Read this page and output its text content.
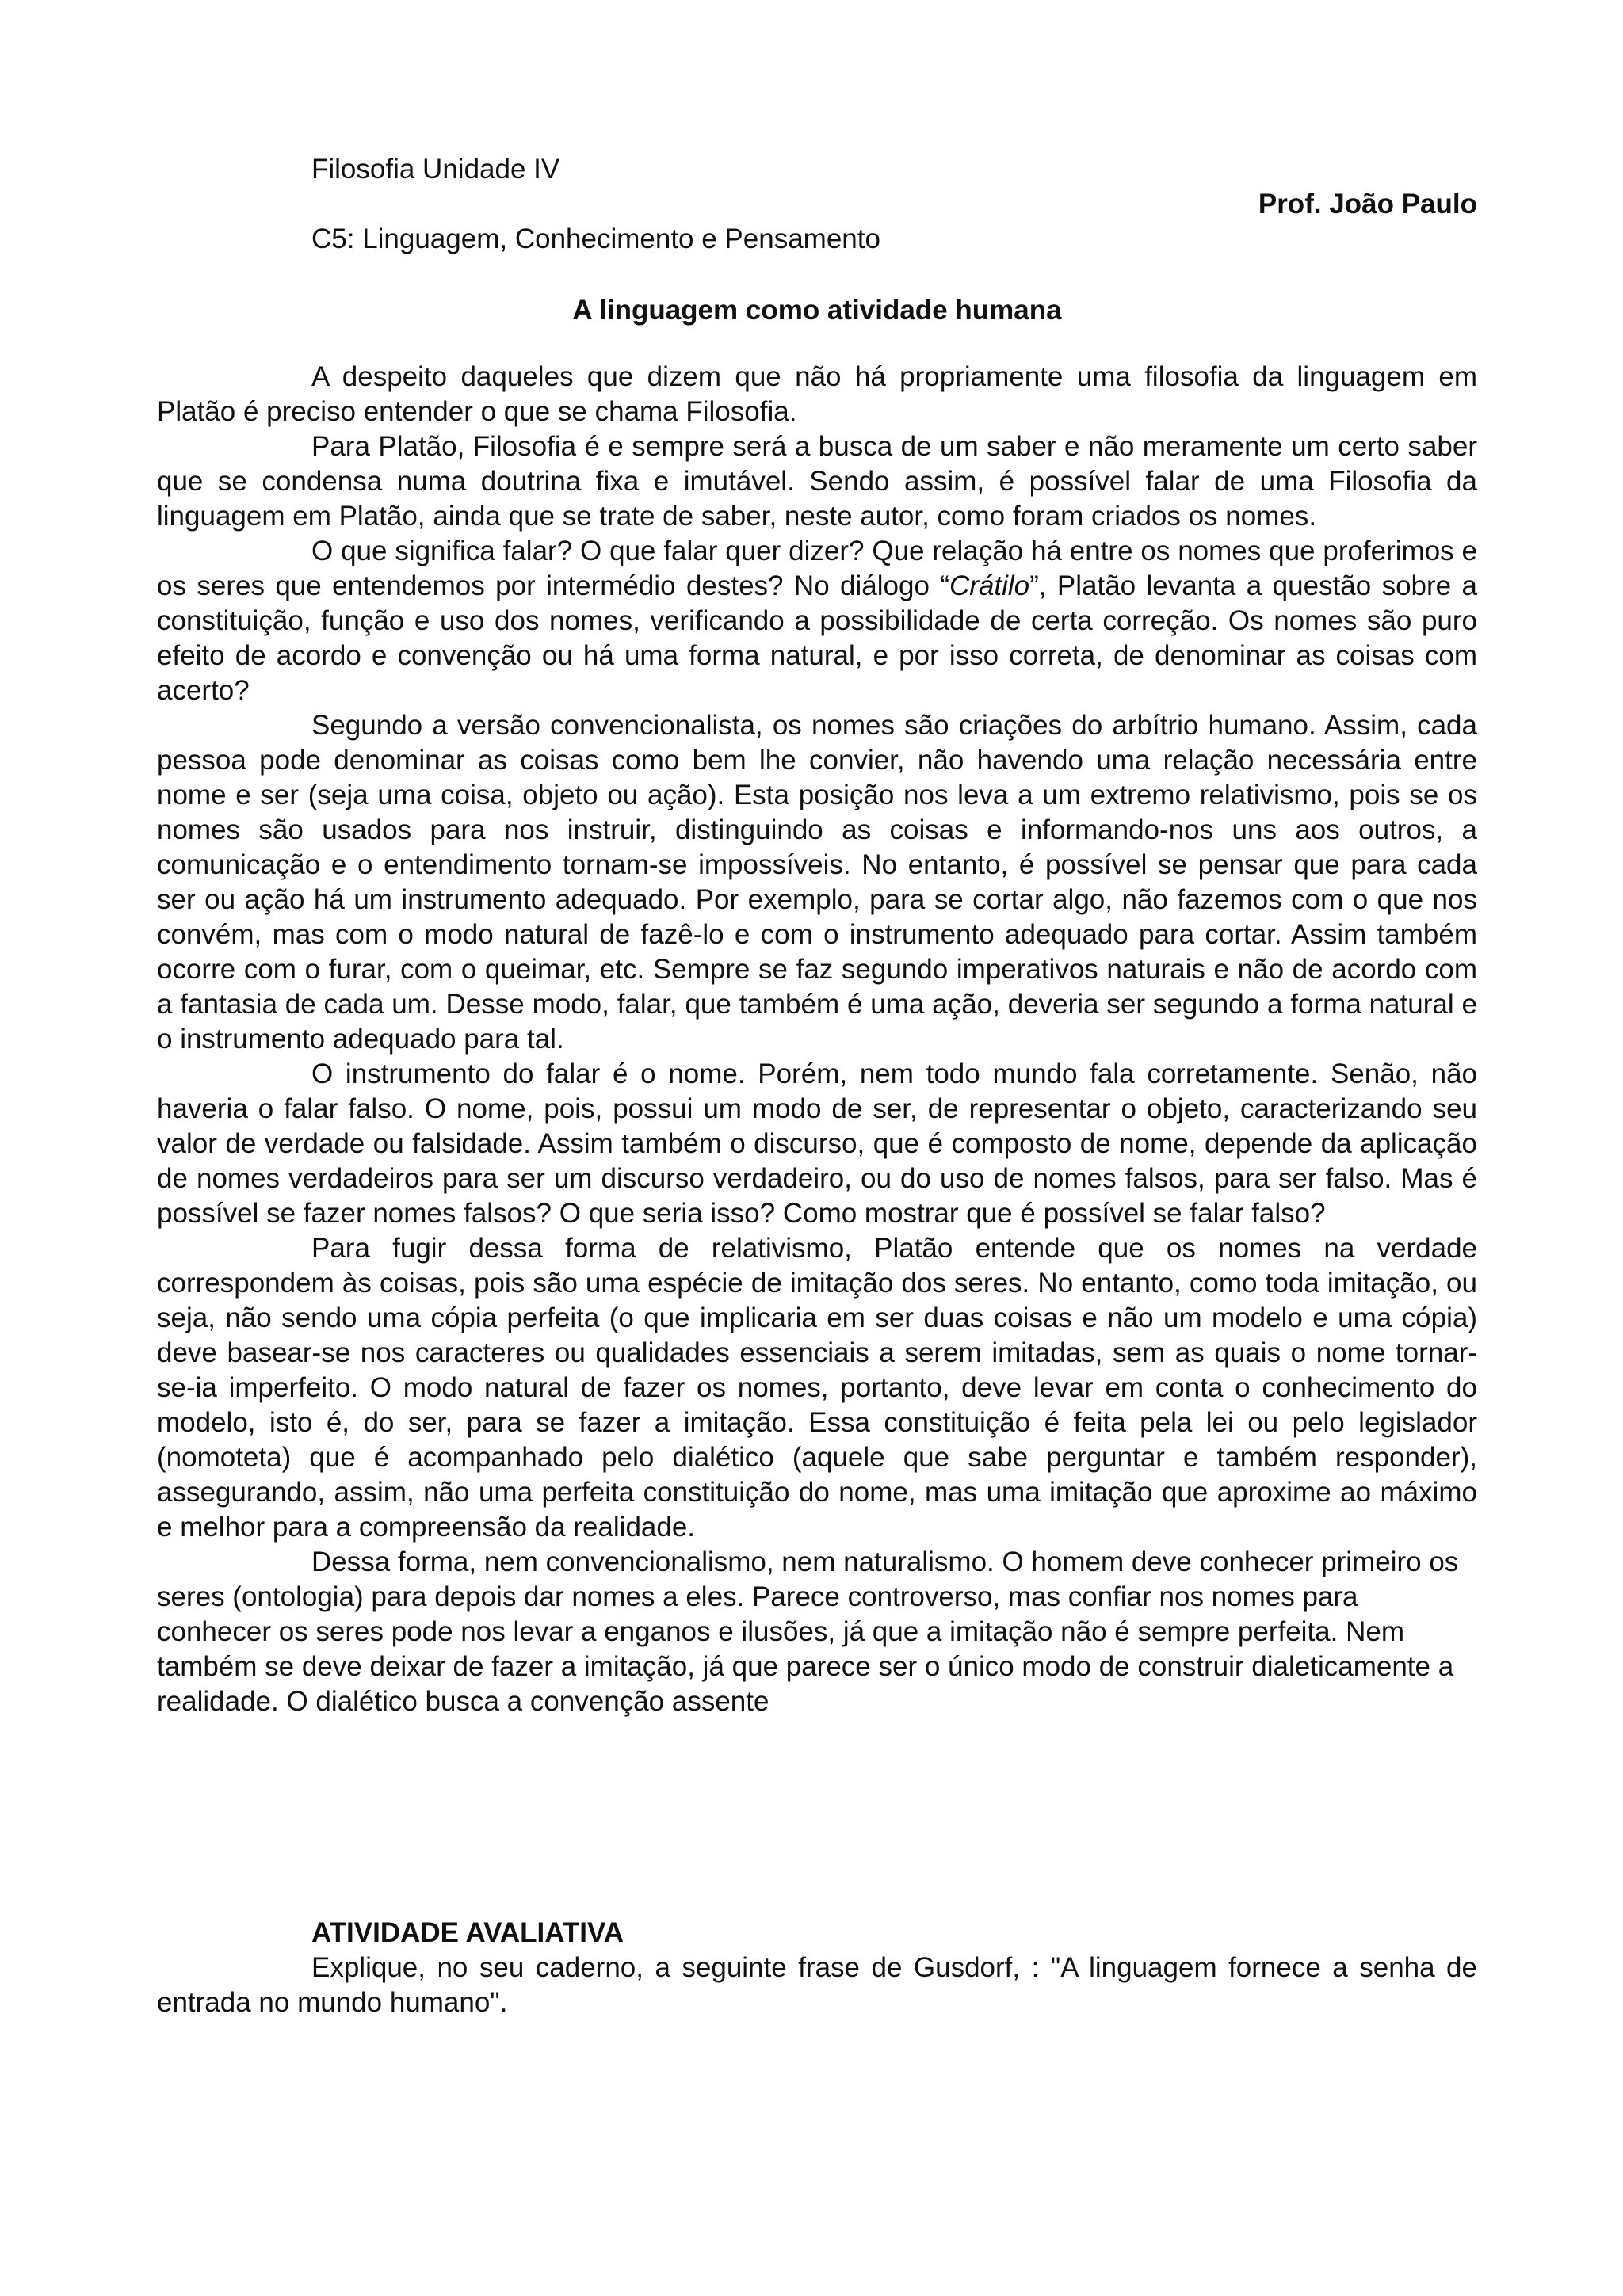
Filosofia Unidade IV

Prof. João Paulo

C5: Linguagem, Conhecimento e Pensamento

A linguagem como atividade humana

A despeito daqueles que dizem que não há propriamente uma filosofia da linguagem em Platão é preciso entender o que se chama Filosofia.

Para Platão, Filosofia é e sempre será a busca de um saber e não meramente um certo saber que se condensa numa doutrina fixa e imutável. Sendo assim, é possível falar de uma Filosofia da linguagem em Platão, ainda que se trate de saber, neste autor, como foram criados os nomes.

O que significa falar? O que falar quer dizer? Que relação há entre os nomes que proferimos e os seres que entendemos por intermédio destes? No diálogo “Crátilo”, Platão levanta a questão sobre a constituição, função e uso dos nomes, verificando a possibilidade de certa correção. Os nomes são puro efeito de acordo e convenção ou há uma forma natural, e por isso correta, de denominar as coisas com acerto?

Segundo a versão convencionalista, os nomes são criações do arbítrio humano. Assim, cada pessoa pode denominar as coisas como bem lhe convier, não havendo uma relação necessária entre nome e ser (seja uma coisa, objeto ou ação). Esta posição nos leva a um extremo relativismo, pois se os nomes são usados para nos instruir, distinguindo as coisas e informando-nos uns aos outros, a comunicação e o entendimento tornam-se impossíveis. No entanto, é possível se pensar que para cada ser ou ação há um instrumento adequado. Por exemplo, para se cortar algo, não fazemos com o que nos convém, mas com o modo natural de fazê-lo e com o instrumento adequado para cortar. Assim também ocorre com o furar, com o queimar, etc. Sempre se faz segundo imperativos naturais e não de acordo com a fantasia de cada um. Desse modo, falar, que também é uma ação, deveria ser segundo a forma natural e o instrumento adequado para tal.

O instrumento do falar é o nome. Porém, nem todo mundo fala corretamente. Senão, não haveria o falar falso. O nome, pois, possui um modo de ser, de representar o objeto, caracterizando seu valor de verdade ou falsidade. Assim também o discurso, que é composto de nome, depende da aplicação de nomes verdadeiros para ser um discurso verdadeiro, ou do uso de nomes falsos, para ser falso. Mas é possível se fazer nomes falsos? O que seria isso? Como mostrar que é possível se falar falso?

Para fugir dessa forma de relativismo, Platão entende que os nomes na verdade correspondem às coisas, pois são uma espécie de imitação dos seres. No entanto, como toda imitação, ou seja, não sendo uma cópia perfeita (o que implicaria em ser duas coisas e não um modelo e uma cópia) deve basear-se nos caracteres ou qualidades essenciais a serem imitadas, sem as quais o nome tornar-se-ia imperfeito. O modo natural de fazer os nomes, portanto, deve levar em conta o conhecimento do modelo, isto é, do ser, para se fazer a imitação. Essa constituição é feita pela lei ou pelo legislador (nomoteta) que é acompanhado pelo dialético (aquele que sabe perguntar e também responder), assegurando, assim, não uma perfeita constituição do nome, mas uma imitação que aproxime ao máximo e melhor para a compreensão da realidade.

Dessa forma, nem convencionalismo, nem naturalismo. O homem deve conhecer primeiro os seres (ontologia) para depois dar nomes a eles. Parece controverso, mas confiar nos nomes para conhecer os seres pode nos levar a enganos e ilusões, já que a imitação não é sempre perfeita. Nem também se deve deixar de fazer a imitação, já que parece ser o único modo de construir dialeticamente a realidade. O dialético busca a convenção assente

ATIVIDADE AVALIATIVA

Explique, no seu caderno, a seguinte frase de Gusdorf, : "A linguagem fornece a senha de entrada no mundo humano".
